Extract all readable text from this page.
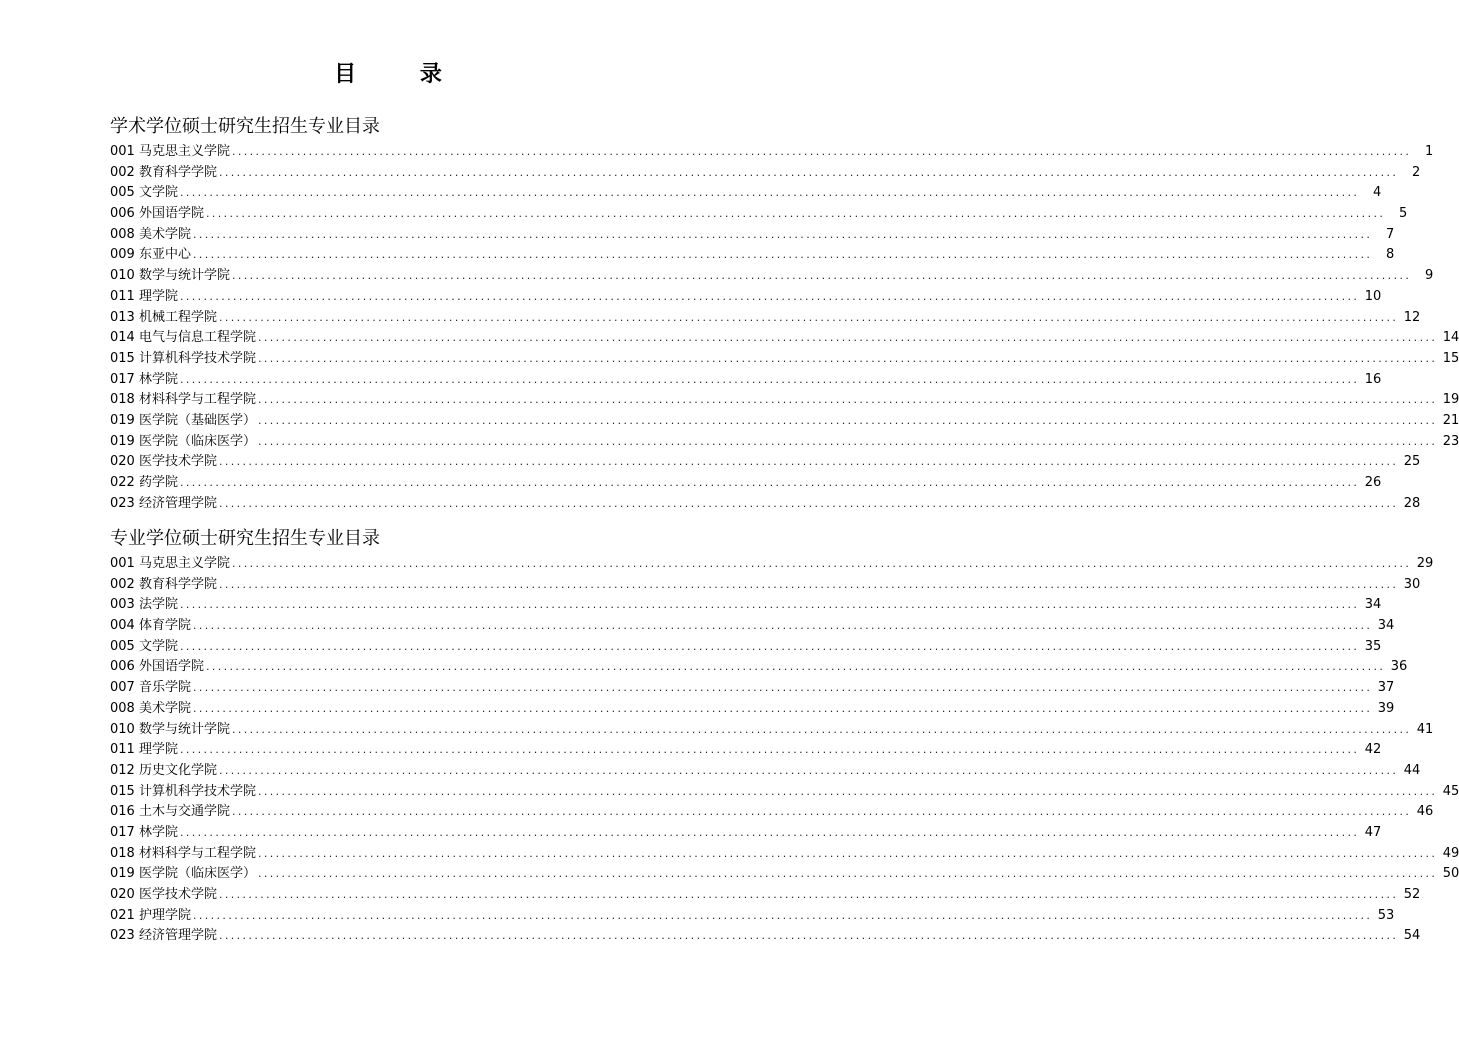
目 录
学术学位硕士研究生招生专业目录
001 马克思主义学院 ........................................................................................................................................................................................................	1
002 教育科学学院 ........................................................................................................................................................................................................	2
005 文学院 ........................................................................................................................................................................................................	4
006 外国语学院 ........................................................................................................................................................................................................	5
008 美术学院 ........................................................................................................................................................................................................	7
009 东亚中心 ........................................................................................................................................................................................................	8
010 数学与统计学院 ........................................................................................................................................................................................................	9
011 理学院 ........................................................................................................................................................................................................ 10
013 机械工程学院 ........................................................................................................................................................................................................ 12
014 电气与信息工程学院 ........................................................................................................................................................................................................ 14
015 计算机科学技术学院 ........................................................................................................................................................................................................ 15
017 林学院 ........................................................................................................................................................................................................ 16
018 材料科学与工程学院 ........................................................................................................................................................................................................ 19
019 医学院（基础医学） ........................................................................................................................................................................................................ 21
019 医学院（临床医学） ........................................................................................................................................................................................................ 23
020 医学技术学院 ........................................................................................................................................................................................................ 25
022 药学院 ........................................................................................................................................................................................................ 26
023 经济管理学院 ........................................................................................................................................................................................................ 28
专业学位硕士研究生招生专业目录
001 马克思主义学院 ........................................................................................................................................................................................................ 29
002 教育科学学院 ........................................................................................................................................................................................................ 30
003 法学院 ........................................................................................................................................................................................................ 34
004 体育学院 ........................................................................................................................................................................................................ 34
005 文学院 ........................................................................................................................................................................................................ 35
006 外国语学院 ........................................................................................................................................................................................................ 36
007 音乐学院 ........................................................................................................................................................................................................ 37
008 美术学院 ........................................................................................................................................................................................................ 39
010 数学与统计学院 ........................................................................................................................................................................................................ 41
011 理学院 ........................................................................................................................................................................................................ 42
012 历史文化学院 ........................................................................................................................................................................................................ 44
015 计算机科学技术学院 ........................................................................................................................................................................................................ 45
016 土木与交通学院 ........................................................................................................................................................................................................ 46
017 林学院 ........................................................................................................................................................................................................ 47
018 材料科学与工程学院 ........................................................................................................................................................................................................ 49
019 医学院（临床医学） ........................................................................................................................................................................................................ 50
020 医学技术学院 ........................................................................................................................................................................................................ 52
021 护理学院 ........................................................................................................................................................................................................ 53
023 经济管理学院 ........................................................................................................................................................................................................ 54
